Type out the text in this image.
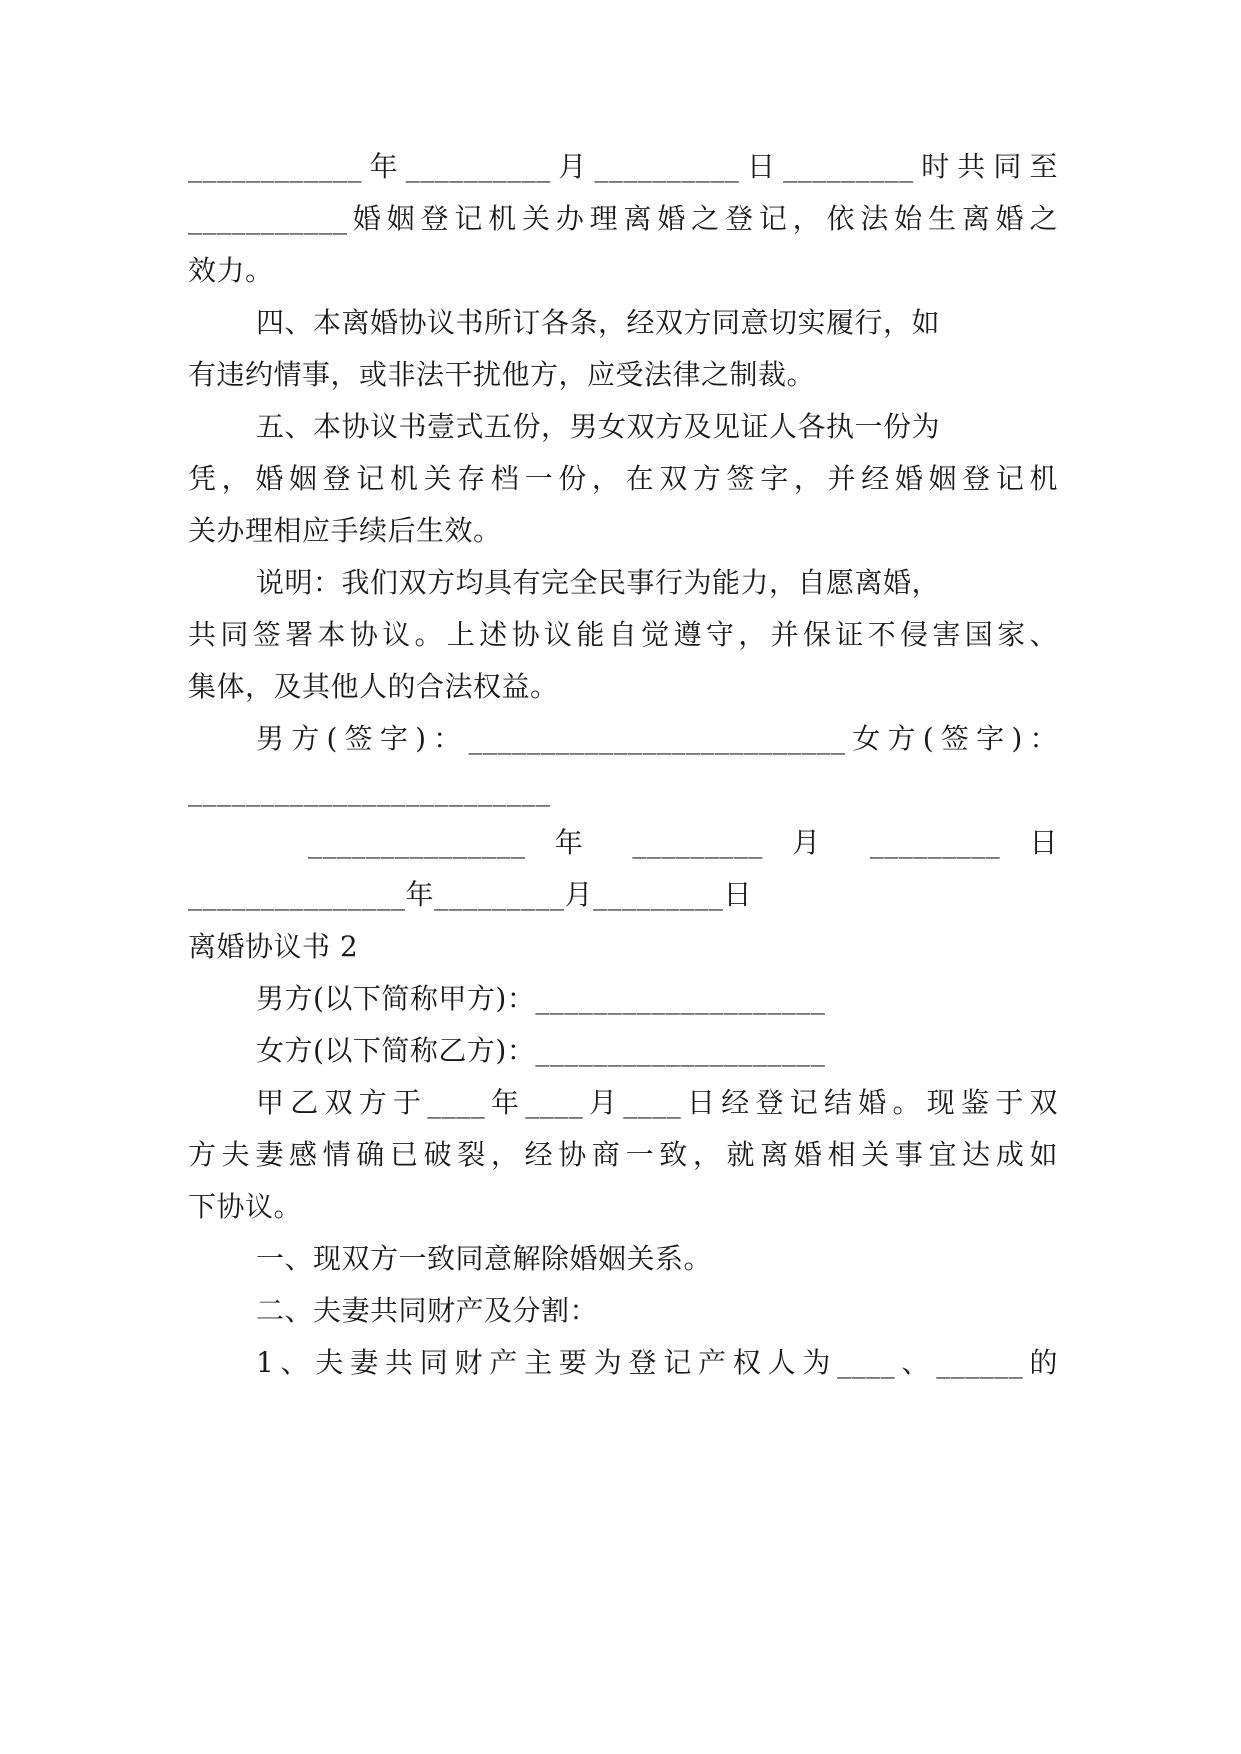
____________年__________月__________日_________时共同至
___________婚姻登记机关办理离婚之登记，依法始生离婚之
效力。
四、本离婚协议书所订各条，经双方同意切实履行，如
有违约情事，或非法干扰他方，应受法律之制裁。
五、本协议书壹式五份，男女双方及见证人各执一份为
凭，婚姻登记机关存档一份，在双方签字，并经婚姻登记机
关办理相应手续后生效。
说明：我们双方均具有完全民事行为能力，自愿离婚，
共同签署本协议。上述协议能自觉遵守，并保证不侵害国家、
集体，及其他人的合法权益。
男方(签字)：__________________________女方(签字)：
_________________________
_______________ 年 _________ 月 _________ 日
_______________年_________月_________日
离婚协议书 2
男方(以下简称甲方)：____________________
女方(以下简称乙方)：____________________
甲乙双方于____年____月____日经登记结婚。现鉴于双
方夫妻感情确已破裂，经协商一致，就离婚相关事宜达成如
下协议。
一、现双方一致同意解除婚姻关系。
二、夫妻共同财产及分割：
1、夫妻共同财产主要为登记产权人为____、______的
